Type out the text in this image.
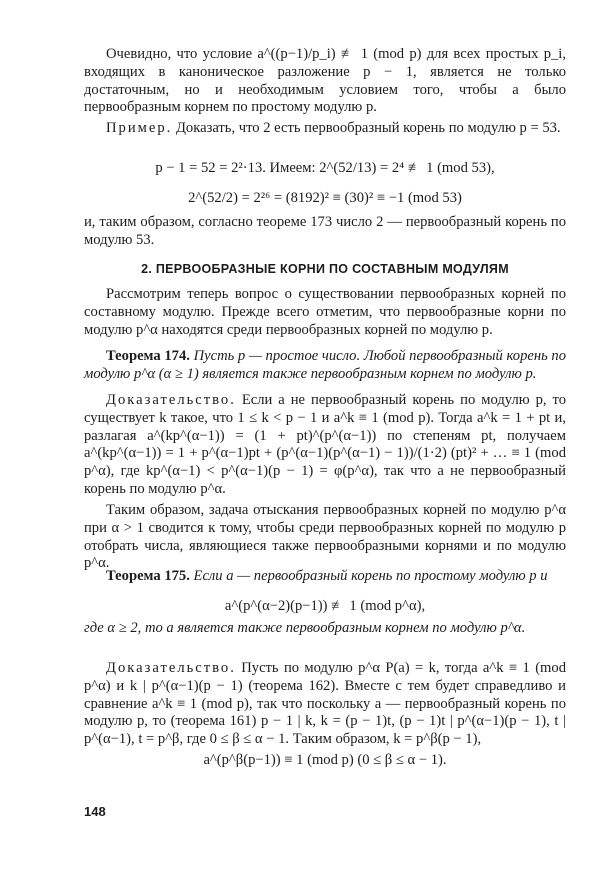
Очевидно, что условие a^((p−1)/p_i) ≢ 1 (mod p) для всех простых p_i, входящих в каноническое разложение p − 1, является не только достаточным, но и необходимым условием того, чтобы a было первообразным корнем по простому модулю p.

Пример. Доказать, что 2 есть первообразный корень по модулю p = 53.

p − 1 = 52 = 2²·13. Имеем: 2^(52/13) = 2⁴ ≢ 1 (mod 53),

2^(52/2) = 2²⁶ = (8192)² ≡ (30)² ≡ −1 (mod 53)

и, таким образом, согласно теореме 173 число 2 — первообразный корень по модулю 53.

2. ПЕРВООБРАЗНЫЕ КОРНИ ПО СОСТАВНЫМ МОДУЛЯМ

Рассмотрим теперь вопрос о существовании первообразных корней по составному модулю. Прежде всего отметим, что первообразные корни по модулю p^α находятся среди первообразных корней по модулю p.

Теорема 174. Пусть p — простое число. Любой первообразный корень по модулю p^α (α ≥ 1) является также первообразным корнем по модулю p.

Доказательство. Если a не первообразный корень по модулю p, то существует k такое, что 1 ≤ k < p − 1 и a^k ≡ 1 (mod p). Тогда a^k = 1 + pt и, разлагая a^(kp^(α−1)) = (1 + pt)^(p^(α−1)) по степеням pt, получаем a^(kp^(α−1)) = 1 + p^(α−1)pt + (p^(α−1)(p^(α−1) − 1))/(1·2) (pt)² + … ≡ 1 (mod p^α), где kp^(α−1) < p^(α−1)(p − 1) = φ(p^α), так что a не первообразный корень по модулю p^α.

Таким образом, задача отыскания первообразных корней по модулю p^α при α > 1 сводится к тому, чтобы среди первообразных корней по модулю p отобрать числа, являющиеся также первообразными корнями и по модулю p^α.

Теорема 175. Если a — первообразный корень по простому модулю p и

a^(p^(α−2)(p−1)) ≢ 1 (mod p^α),

где α ≥ 2, то a является также первообразным корнем по модулю p^α.

Доказательство. Пусть по модулю p^α P(a) = k, тогда a^k ≡ 1 (mod p^α) и k | p^(α−1)(p − 1) (теорема 162). Вместе с тем будет справедливо и сравнение a^k ≡ 1 (mod p), так что поскольку a — первообразный корень по модулю p, то (теорема 161) p − 1 | k, k = (p − 1)t, (p − 1)t | p^(α−1)(p − 1), t | p^(α−1), t = p^β, где 0 ≤ β ≤ α − 1. Таким образом, k = p^β(p − 1),

a^(p^β(p−1)) ≡ 1 (mod p) (0 ≤ β ≤ α − 1).

148
